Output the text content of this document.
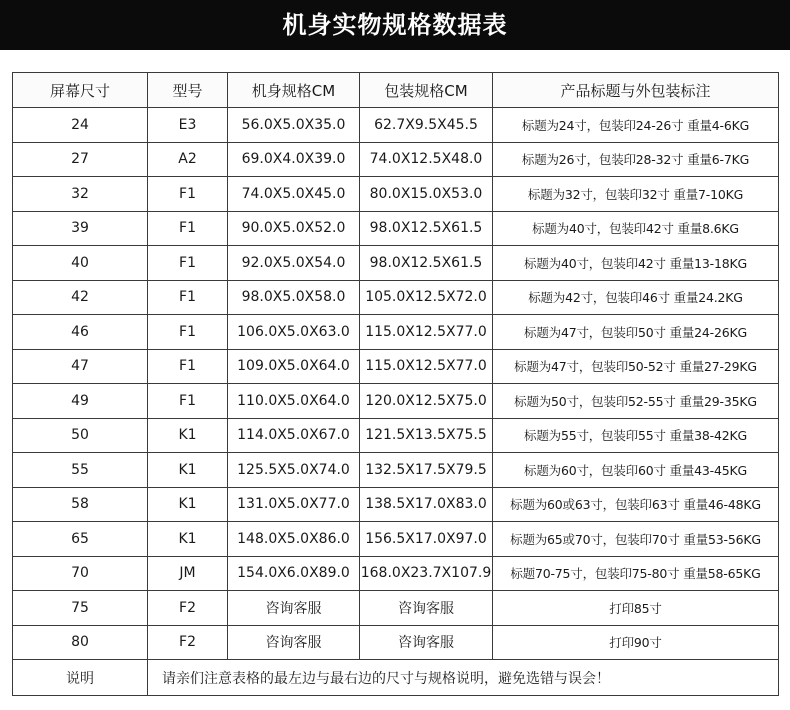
机身实物规格数据表
屏幕尺寸	型号	机身规格CM	包装规格CM	产品标题与外包装标注
24	E3	56.0X5.0X35.0	62.7X9.5X45.5	标题为24寸，包装印24-26寸 重量4-6KG
27	A2	69.0X4.0X39.0	74.0X12.5X48.0	标题为26寸，包装印28-32寸 重量6-7KG
32	F1	74.0X5.0X45.0	80.0X15.0X53.0	标题为32寸，包装印32寸 重量7-10KG
39	F1	90.0X5.0X52.0	98.0X12.5X61.5	标题为40寸，包装印42寸 重量8.6KG
40	F1	92.0X5.0X54.0	98.0X12.5X61.5	标题为40寸，包装印42寸 重量13-18KG
42	F1	98.0X5.0X58.0	105.0X12.5X72.0	标题为42寸，包装印46寸 重量24.2KG
46	F1	106.0X5.0X63.0	115.0X12.5X77.0	标题为47寸，包装印50寸 重量24-26KG
47	F1	109.0X5.0X64.0	115.0X12.5X77.0	标题为47寸，包装印50-52寸 重量27-29KG
49	F1	110.0X5.0X64.0	120.0X12.5X75.0	标题为50寸，包装印52-55寸 重量29-35KG
50	K1	114.0X5.0X67.0	121.5X13.5X75.5	标题为55寸，包装印55寸 重量38-42KG
55	K1	125.5X5.0X74.0	132.5X17.5X79.5	标题为60寸，包装印60寸 重量43-45KG
58	K1	131.0X5.0X77.0	138.5X17.0X83.0	标题为60或63寸，包装印63寸 重量46-48KG
65	K1	148.0X5.0X86.0	156.5X17.0X97.0	标题为65或70寸，包装印70寸 重量53-56KG
70	JM	154.0X6.0X89.0	168.0X23.7X107.9	标题70-75寸，包装印75-80寸 重量58-65KG
75	F2	咨询客服	咨询客服	打印85寸
80	F2	咨询客服	咨询客服	打印90寸
说明	请亲们注意表格的最左边与最右边的尺寸与规格说明，避免选错与误会！			
